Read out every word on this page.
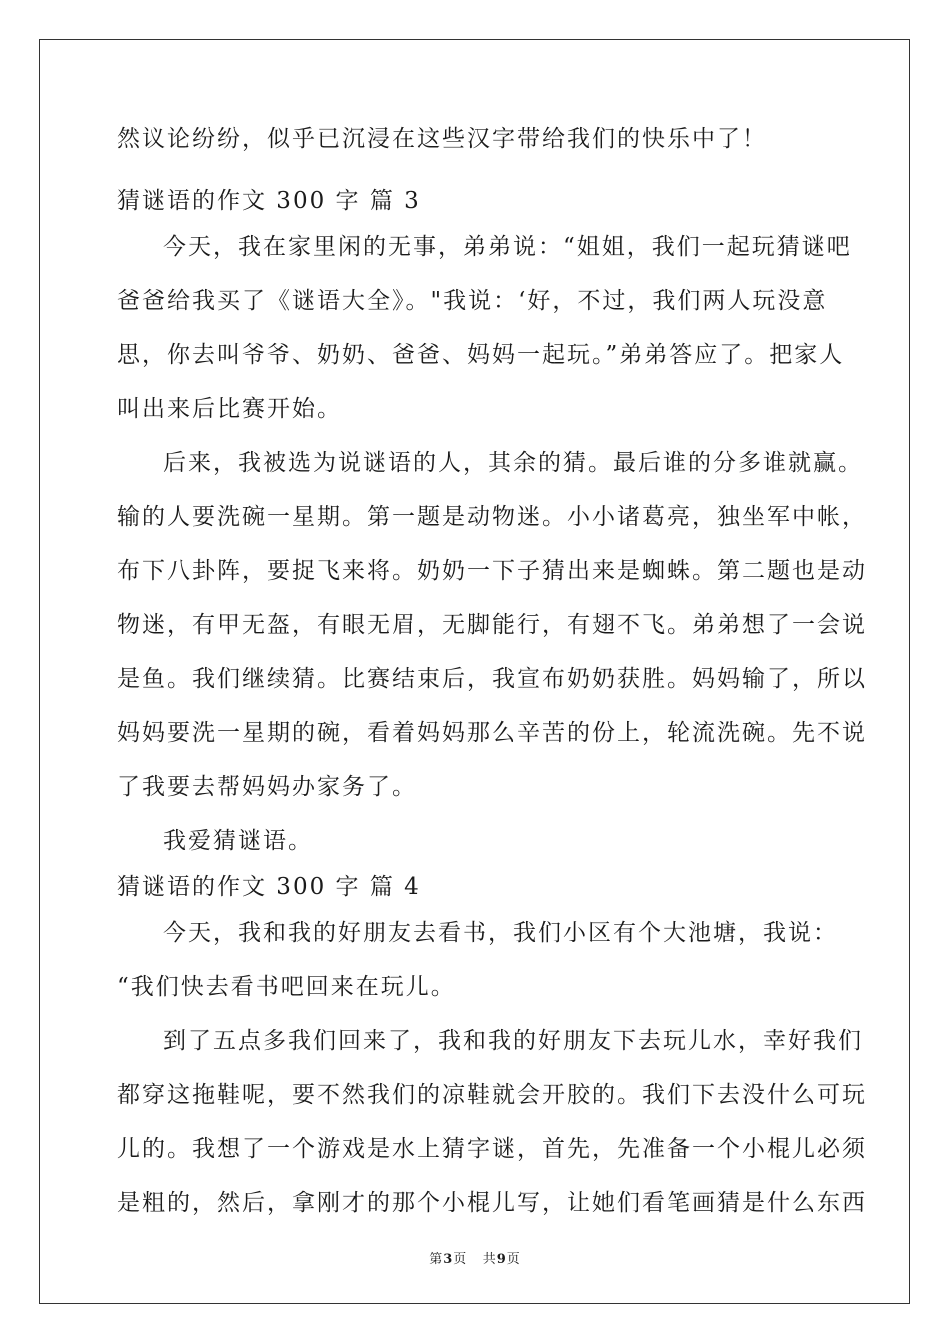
然议论纷纷，似乎已沉浸在这些汉字带给我们的快乐中了！
猜谜语的作文 300 字 篇 3
今天，我在家里闲的无事，弟弟说：“姐姐，我们一起玩猜谜吧
爸爸给我买了《谜语大全》。"我说：‘好，不过，我们两人玩没意
思，你去叫爷爷、奶奶、爸爸、妈妈一起玩。”弟弟答应了。把家人
叫出来后比赛开始。
后来，我被选为说谜语的人，其余的猜。最后谁的分多谁就赢。
输的人要洗碗一星期。第一题是动物迷。小小诸葛亮，独坐军中帐，
布下八卦阵，要捉飞来将。奶奶一下子猜出来是蜘蛛。第二题也是动
物迷，有甲无盔，有眼无眉，无脚能行，有翅不飞。弟弟想了一会说
是鱼。我们继续猜。比赛结束后，我宣布奶奶获胜。妈妈输了，所以
妈妈要洗一星期的碗，看着妈妈那么辛苦的份上，轮流洗碗。先不说
了我要去帮妈妈办家务了。
我爱猜谜语。
猜谜语的作文 300 字 篇 4
今天，我和我的好朋友去看书，我们小区有个大池塘，我说：
“我们快去看书吧回来在玩儿。
到了五点多我们回来了，我和我的好朋友下去玩儿水，幸好我们
都穿这拖鞋呢，要不然我们的凉鞋就会开胶的。我们下去没什么可玩
儿的。我想了一个游戏是水上猜字谜，首先，先准备一个小棍儿必须
是粗的，然后，拿刚才的那个小棍儿写，让她们看笔画猜是什么东西
第3页 共9页
